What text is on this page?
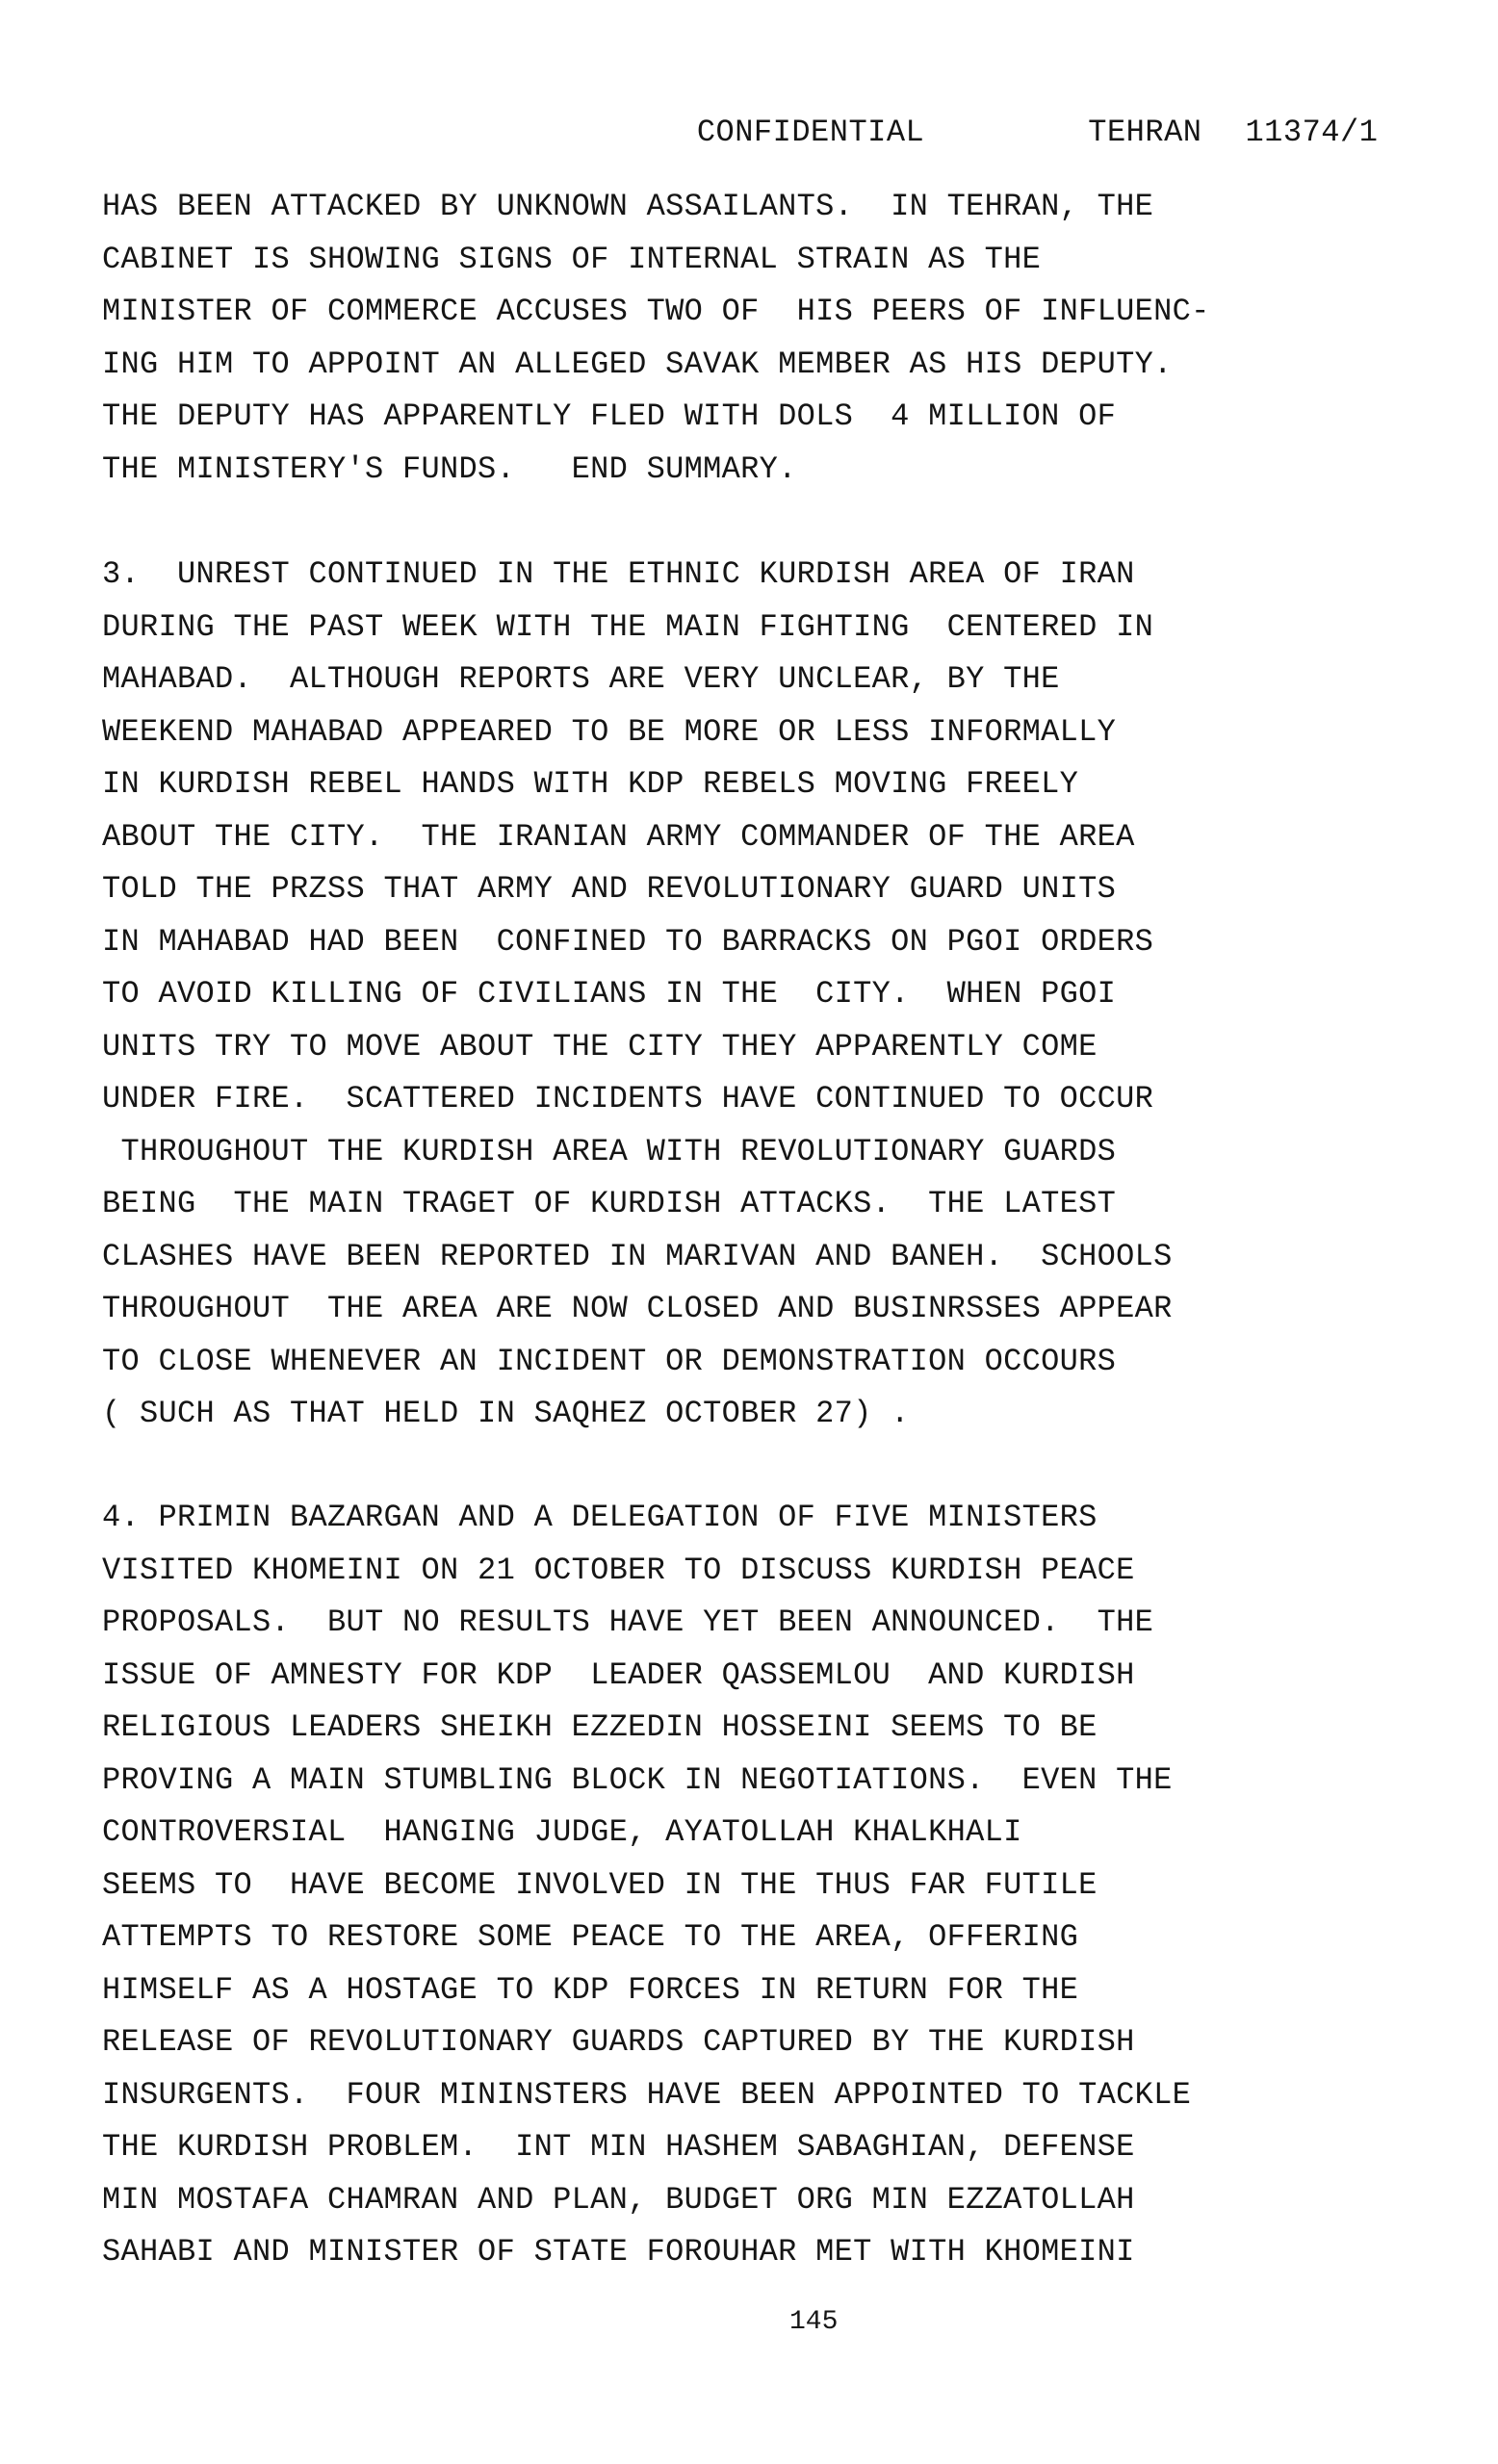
CONFIDENTIAL	TEHRAN 11374/1

HAS BEEN ATTACKED BY UNKNOWN ASSAILANTS.  IN TEHRAN, THE
CABINET IS SHOWING SIGNS OF INTERNAL STRAIN AS THE
MINISTER OF COMMERCE ACCUSES TWO OF  HIS PEERS OF INFLUENC-
ING HIM TO APPOINT AN ALLEGED SAVAK MEMBER AS HIS DEPUTY.
THE DEPUTY HAS APPARENTLY FLED WITH DOLS  4 MILLION OF
THE MINISTERY'S FUNDS.   END SUMMARY.
3.  UNREST CONTINUED IN THE ETHNIC KURDISH AREA OF IRAN
DURING THE PAST WEEK WITH THE MAIN FIGHTING  CENTERED IN
MAHABAD.  ALTHOUGH REPORTS ARE VERY UNCLEAR, BY THE
WEEKEND MAHABAD APPEARED TO BE MORE OR LESS INFORMALLY
IN KURDISH REBEL HANDS WITH KDP REBELS MOVING FREELY
ABOUT THE CITY.  THE IRANIAN ARMY COMMANDER OF THE AREA
TOLD THE PRZSS THAT ARMY AND REVOLUTIONARY GUARD UNITS
IN MAHABAD HAD BEEN  CONFINED TO BARRACKS ON PGOI ORDERS
TO AVOID KILLING OF CIVILIANS IN THE  CITY.  WHEN PGOI
UNITS TRY TO MOVE ABOUT THE CITY THEY APPARENTLY COME
UNDER FIRE.  SCATTERED INCIDENTS HAVE CONTINUED TO OCCUR
THROUGHOUT THE KURDISH AREA WITH REVOLUTIONARY GUARDS
BEING  THE MAIN TRAGET OF KURDISH ATTACKS.  THE LATEST
CLASHES HAVE BEEN REPORTED IN MARIVAN AND BANEH.  SCHOOLS
THROUGHOUT  THE AREA ARE NOW CLOSED AND BUSINRSSES APPEAR
TO CLOSE WHENEVER AN INCIDENT OR DEMONSTRATION OCCOURS
( SUCH AS THAT HELD IN SAQHEZ OCTOBER 27) .
4. PRIMIN BAZARGAN AND A DELEGATION OF FIVE MINISTERS
VISITED KHOMEINI ON 21 OCTOBER TO DISCUSS KURDISH PEACE
PROPOSALS.  BUT NO RESULTS HAVE YET BEEN ANNOUNCED.  THE
ISSUE OF AMNESTY FOR KDP  LEADER QASSEMLOU  AND KURDISH
RELIGIOUS LEADERS SHEIKH EZZEDIN HOSSEINI SEEMS TO BE
PROVING A MAIN STUMBLING BLOCK IN NEGOTIATIONS.  EVEN THE
CONTROVERSIAL  HANGING JUDGE, AYATOLLAH KHALKHALI
SEEMS TO  HAVE BECOME INVOLVED IN THE THUS FAR FUTILE
ATTEMPTS TO RESTORE SOME PEACE TO THE AREA, OFFERING
HIMSELF AS A HOSTAGE TO KDP FORCES IN RETURN FOR THE
RELEASE OF REVOLUTIONARY GUARDS CAPTURED BY THE KURDISH
INSURGENTS.  FOUR MININSTERS HAVE BEEN APPOINTED TO TACKLE
THE KURDISH PROBLEM.  INT MIN HASHEM SABAGHIAN, DEFENSE
MIN MOSTAFA CHAMRAN AND PLAN, BUDGET ORG MIN EZZATOLLAH
SAHABI AND MINISTER OF STATE FOROUHAR MET WITH KHOMEINI
145
